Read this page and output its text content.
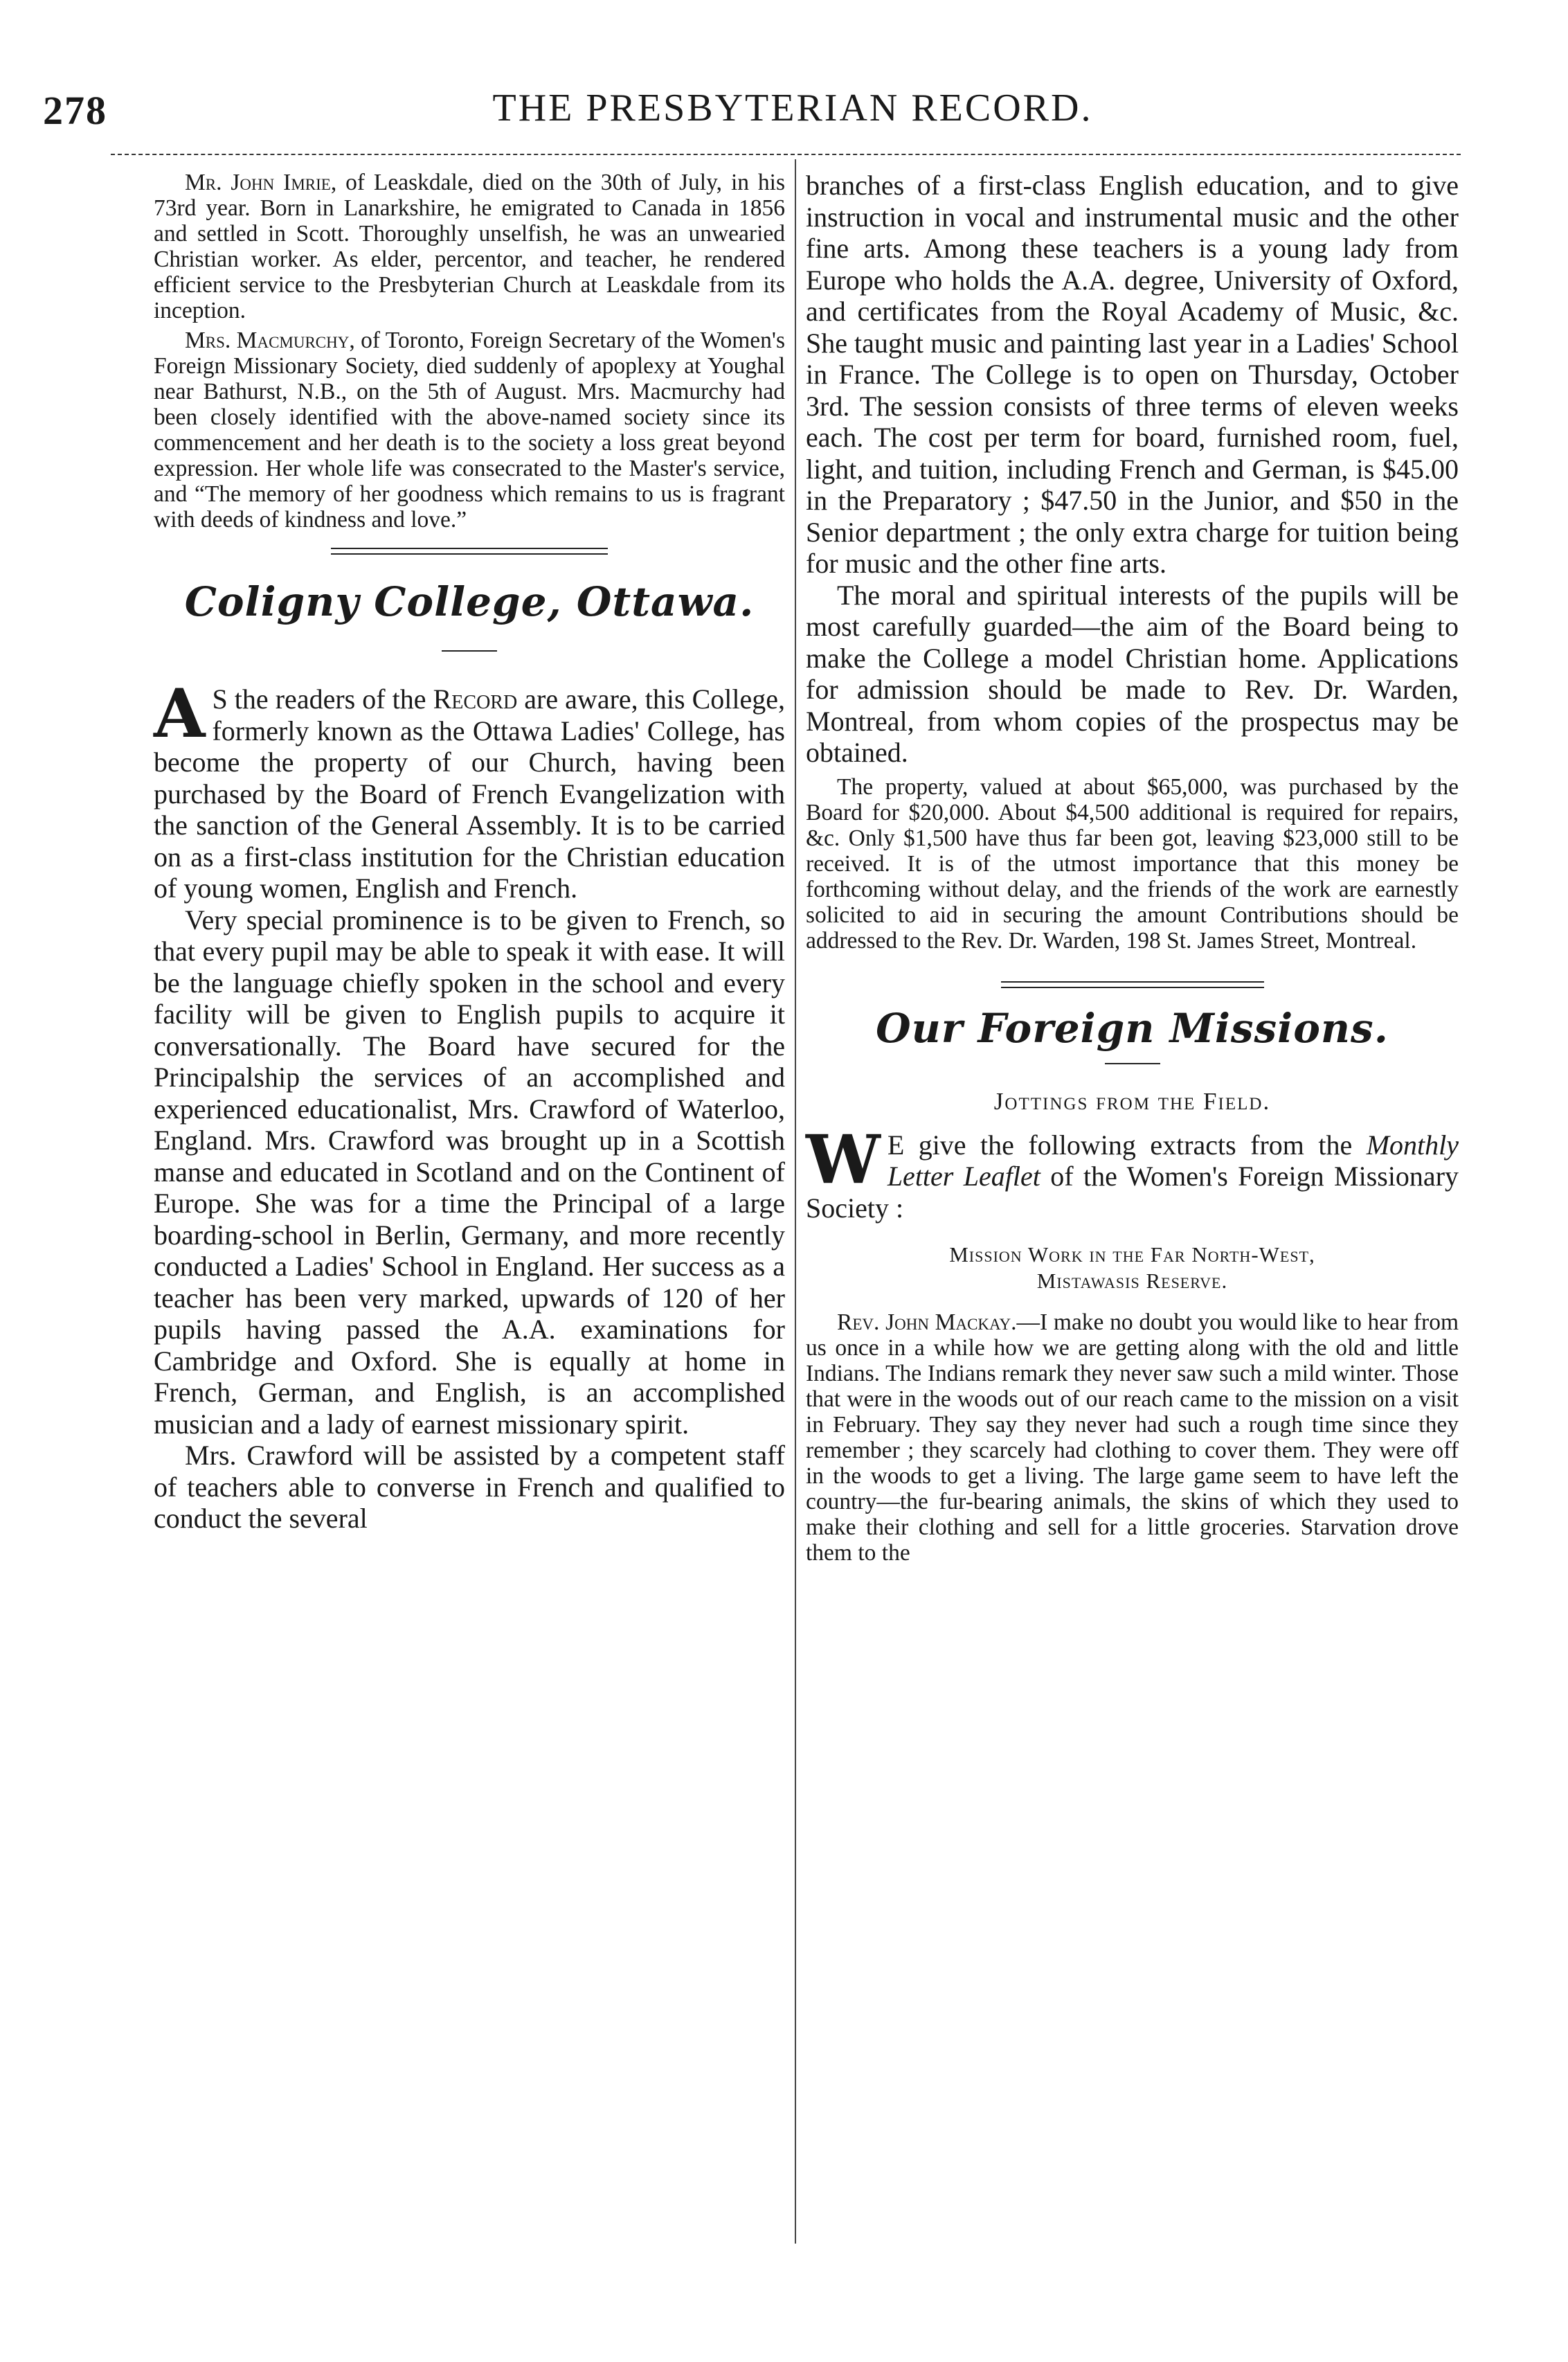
278	THE PRESBYTERIAN RECORD.

Mr. John Imrie, of Leaskdale, died on the 30th of July, in his 73rd year. Born in Lanarkshire, he emigrated to Canada in 1856 and settled in Scott. Thoroughly unselfish, he was an unwearied Christian worker. As elder, percentor, and teacher, he rendered efficient service to the Presbyterian Church at Leaskdale from its inception.

Mrs. Macmurchy, of Toronto, Foreign Secretary of the Women's Foreign Missionary Society, died suddenly of apoplexy at Youghal near Bathurst, N.B., on the 5th of August. Mrs. Macmurchy had been closely identified with the above-named society since its commencement and her death is to the society a loss great beyond expression. Her whole life was consecrated to the Master's service, and “The memory of her goodness which remains to us is fragrant with deeds of kindness and love.”

Coligny College, Ottawa.

A S the readers of the Record are aware, this College, formerly known as the Ottawa Ladies' College, has become the property of our Church, having been purchased by the Board of French Evangelization with the sanction of the General Assembly. It is to be carried on as a first-class institution for the Christian education of young women, English and French.

Very special prominence is to be given to French, so that every pupil may be able to speak it with ease. It will be the language chiefly spoken in the school and every facility will be given to English pupils to acquire it conversationally. The Board have secured for the Principalship the services of an accomplished and experienced educationalist, Mrs. Crawford of Waterloo, England. Mrs. Crawford was brought up in a Scottish manse and educated in Scotland and on the Continent of Europe. She was for a time the Principal of a large boarding-school in Berlin, Germany, and more recently conducted a Ladies' School in England. Her success as a teacher has been very marked, upwards of 120 of her pupils having passed the A.A. examinations for Cambridge and Oxford. She is equally at home in French, German, and English, is an accomplished musician and a lady of earnest missionary spirit.

Mrs. Crawford will be assisted by a competent staff of teachers able to converse in French and qualified to conduct the several

branches of a first-class English education, and to give instruction in vocal and instrumental music and the other fine arts. Among these teachers is a young lady from Europe who holds the A.A. degree, University of Oxford, and certificates from the Royal Academy of Music, &c. She taught music and painting last year in a Ladies' School in France. The College is to open on Thursday, October 3rd. The session consists of three terms of eleven weeks each. The cost per term for board, furnished room, fuel, light, and tuition, including French and German, is $45.00 in the Preparatory ; $47.50 in the Junior, and $50 in the Senior department ; the only extra charge for tuition being for music and the other fine arts.

The moral and spiritual interests of the pupils will be most carefully guarded—the aim of the Board being to make the College a model Christian home. Applications for admission should be made to Rev. Dr. Warden, Montreal, from whom copies of the prospectus may be obtained.

The property, valued at about $65,000, was purchased by the Board for $20,000. About $4,500 additional is required for repairs, &c. Only $1,500 have thus far been got, leaving $23,000 still to be received. It is of the utmost importance that this money be forthcoming without delay, and the friends of the work are earnestly solicited to aid in securing the amount Contributions should be addressed to the Rev. Dr. Warden, 198 St. James Street, Montreal.

Our Foreign Missions.
Jottings from the Field.

W E give the following extracts from the Monthly Letter Leaflet of the Women's Foreign Missionary Society :

Mission Work in the Far North-West,
Mistawasis Reserve.

Rev. John Mackay.—I make no doubt you would like to hear from us once in a while how we are getting along with the old and little Indians. The Indians remark they never saw such a mild winter. Those that were in the woods out of our reach came to the mission on a visit in February. They say they never had such a rough time since they remember ; they scarcely had clothing to cover them. They were off in the woods to get a living. The large game seem to have left the country—the fur-bearing animals, the skins of which they used to make their clothing and sell for a little groceries. Starvation drove them to the
